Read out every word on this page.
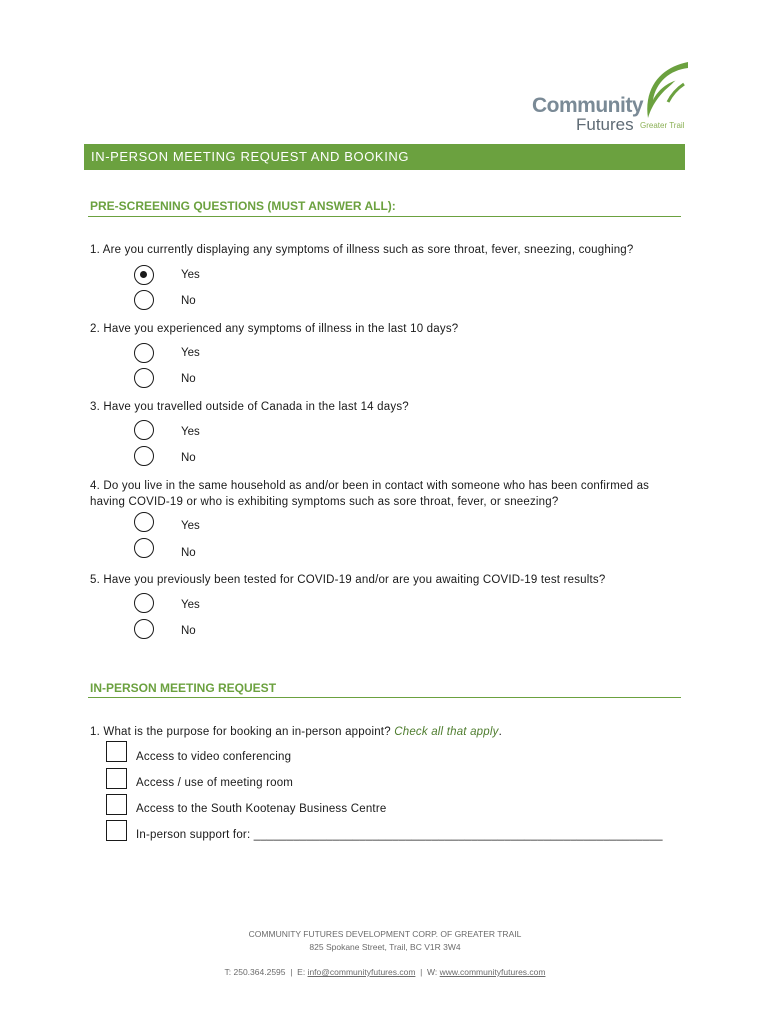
Community
Futures Greater Trail
IN-PERSON MEETING REQUEST AND BOOKING
PRE-SCREENING QUESTIONS (MUST ANSWER ALL):
1. Are you currently displaying any symptoms of illness such as sore throat, fever, sneezing, coughing?
Yes
No
2. Have you experienced any symptoms of illness in the last 10 days?
Yes
No
3. Have you travelled outside of Canada in the last 14 days?
Yes
No
4. Do you live in the same household as and/or been in contact with someone who has been confirmed as having COVID-19 or who is exhibiting symptoms such as sore throat, fever, or sneezing?
Yes
No
5. Have you previously been tested for COVID-19 and/or are you awaiting COVID-19 test results?
Yes
No
IN-PERSON MEETING REQUEST
1. What is the purpose for booking an in-person appoint? Check all that apply.
Access to video conferencing
Access / use of meeting room
Access to the South Kootenay Business Centre
In-person support for: ______________________________________________________________
COMMUNITY FUTURES DEVELOPMENT CORP. OF GREATER TRAIL
825 Spokane Street, Trail, BC V1R 3W4
T: 250.364.2595  |  E: info@communityfutures.com  |  W: www.communityfutures.com
